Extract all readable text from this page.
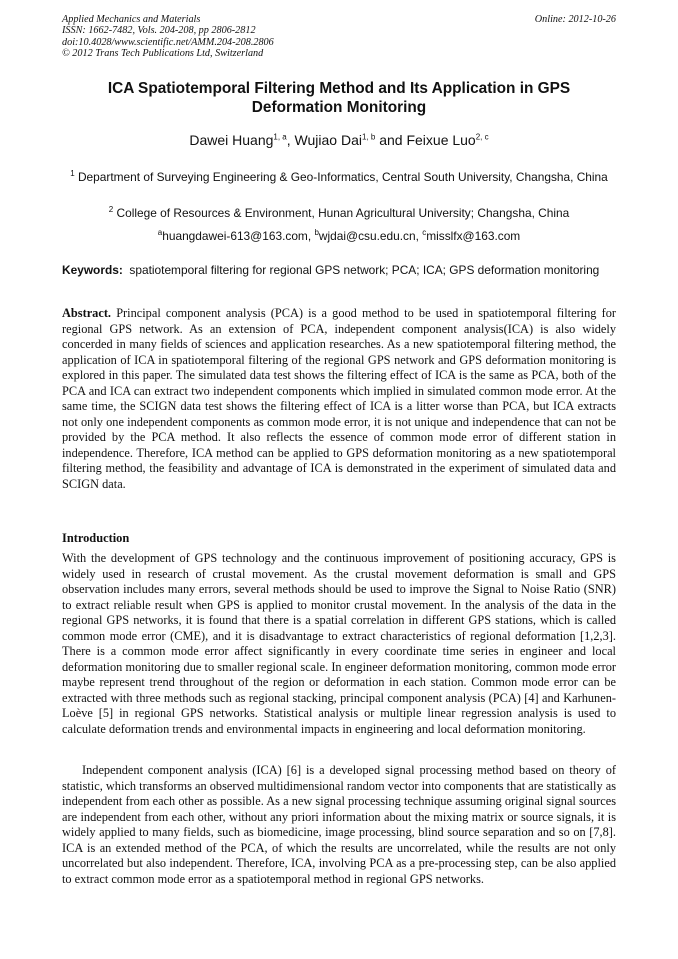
Applied Mechanics and Materials	Online: 2012-10-26
ISSN: 1662-7482, Vols. 204-208, pp 2806-2812
doi:10.4028/www.scientific.net/AMM.204-208.2806
© 2012 Trans Tech Publications Ltd, Switzerland
ICA Spatiotemporal Filtering Method and Its Application in GPS Deformation Monitoring
Dawei Huang$^{1, a}$, Wujiao Dai$^{1, b}$ and Feixue Luo$^{2, c}$
$^1$ Department of Surveying Engineering & Geo-Informatics, Central South University, Changsha, China
$^2$ College of Resources & Environment, Hunan Agricultural University; Changsha, China
$^a$huangdawei-613@163.com, $^b$wjdai@csu.edu.cn, $^c$misslfx@163.com
Keywords: spatiotemporal filtering for regional GPS network; PCA; ICA; GPS deformation monitoring
Abstract. Principal component analysis (PCA) is a good method to be used in spatiotemporal filtering for regional GPS network. As an extension of PCA, independent component analysis(ICA) is also widely concerded in many fields of sciences and application researches. As a new spatiotemporal filtering method, the application of ICA in spatiotemporal filtering of the regional GPS network and GPS deformation monitoring is explored in this paper. The simulated data test shows the filtering effect of ICA is the same as PCA, both of the PCA and ICA can extract two independent components which implied in simulated common mode error. At the same time, the SCIGN data test shows the filtering effect of ICA is a litter worse than PCA, but ICA extracts not only one independent components as common mode error, it is not unique and independence that can not be provided by the PCA method. It also reflects the essence of common mode error of different station in independence. Therefore, ICA method can be applied to GPS deformation monitoring as a new spatiotemporal filtering method, the feasibility and advantage of ICA is demonstrated in the experiment of simulated data and SCIGN data.
Introduction

With the development of GPS technology and the continuous improvement of positioning accuracy, GPS is widely used in research of crustal movement. As the crustal movement deformation is small and GPS observation includes many errors, several methods should be used to improve the Signal to Noise Ratio (SNR) to extract reliable result when GPS is applied to monitor crustal movement. In the analysis of the data in the regional GPS networks, it is found that there is a spatial correlation in different GPS stations, which is called common mode error (CME), and it is disadvantage to extract characteristics of regional deformation [1,2,3]. There is a common mode error affect significantly in every coordinate time series in engineer and local deformation monitoring due to smaller regional scale. In engineer deformation monitoring, common mode error maybe represent trend throughout of the region or deformation in each station. Common mode error can be extracted with three methods such as regional stacking, principal component analysis (PCA) [4] and Karhunen-Loève [5] in regional GPS networks. Statistical analysis or multiple linear regression analysis is used to calculate deformation trends and environmental impacts in engineering and local deformation monitoring.

Independent component analysis (ICA) [6] is a developed signal processing method based on theory of statistic, which transforms an observed multidimensional random vector into components that are statistically as independent from each other as possible. As a new signal processing technique assuming original signal sources are independent from each other, without any priori information about the mixing matrix or source signals, it is widely applied to many fields, such as biomedicine, image processing, blind source separation and so on [7,8]. ICA is an extended method of the PCA, of which the results are uncorrelated, while the results are not only uncorrelated but also independent. Therefore, ICA, involving PCA as a pre-processing step, can be also applied to extract common mode error as a spatiotemporal method in regional GPS networks.
